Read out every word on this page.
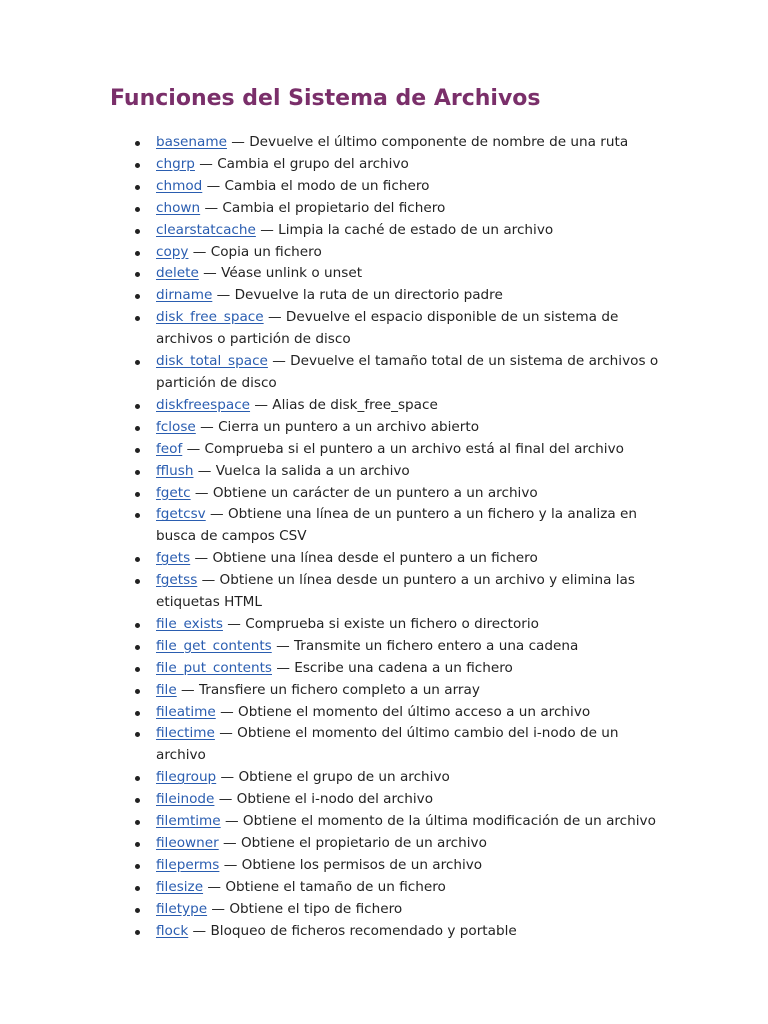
Funciones del Sistema de Archivos
basename — Devuelve el último componente de nombre de una ruta
chgrp — Cambia el grupo del archivo
chmod — Cambia el modo de un fichero
chown — Cambia el propietario del fichero
clearstatcache — Limpia la caché de estado de un archivo
copy — Copia un fichero
delete — Véase unlink o unset
dirname — Devuelve la ruta de un directorio padre
disk_free_space — Devuelve el espacio disponible de un sistema de archivos o partición de disco
disk_total_space — Devuelve el tamaño total de un sistema de archivos o partición de disco
diskfreespace — Alias de disk_free_space
fclose — Cierra un puntero a un archivo abierto
feof — Comprueba si el puntero a un archivo está al final del archivo
fflush — Vuelca la salida a un archivo
fgetc — Obtiene un carácter de un puntero a un archivo
fgetcsv — Obtiene una línea de un puntero a un fichero y la analiza en busca de campos CSV
fgets — Obtiene una línea desde el puntero a un fichero
fgetss — Obtiene un línea desde un puntero a un archivo y elimina las etiquetas HTML
file_exists — Comprueba si existe un fichero o directorio
file_get_contents — Transmite un fichero entero a una cadena
file_put_contents — Escribe una cadena a un fichero
file — Transfiere un fichero completo a un array
fileatime — Obtiene el momento del último acceso a un archivo
filectime — Obtiene el momento del último cambio del i-nodo de un archivo
filegroup — Obtiene el grupo de un archivo
fileinode — Obtiene el i-nodo del archivo
filemtime — Obtiene el momento de la última modificación de un archivo
fileowner — Obtiene el propietario de un archivo
fileperms — Obtiene los permisos de un archivo
filesize — Obtiene el tamaño de un fichero
filetype — Obtiene el tipo de fichero
flock — Bloqueo de ficheros recomendado y portable
